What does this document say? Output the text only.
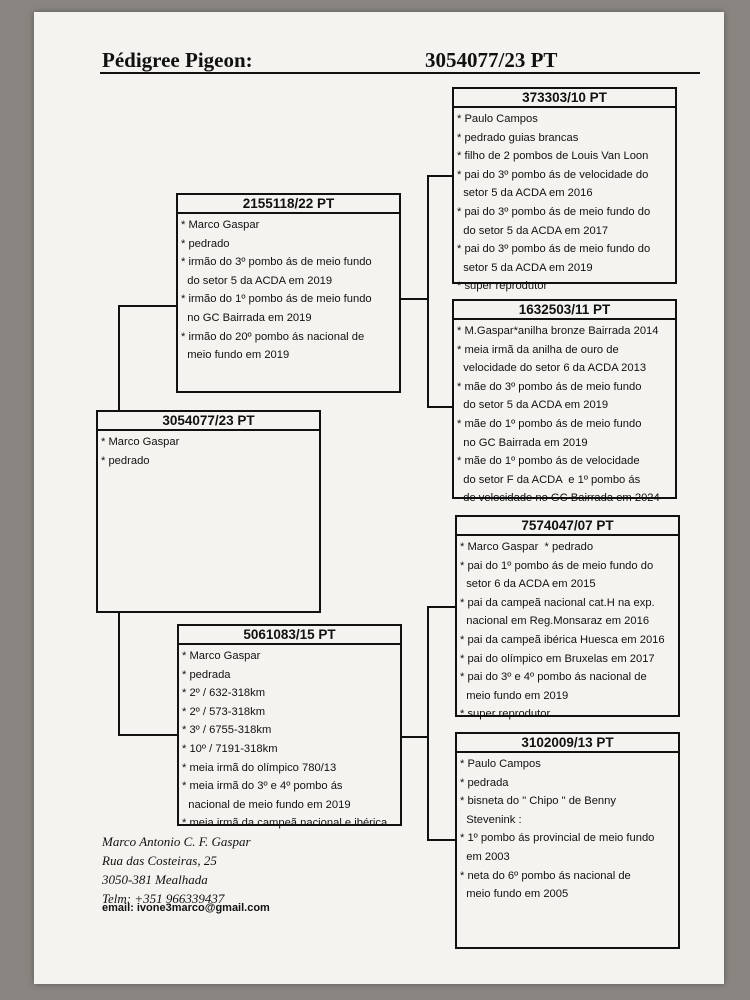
Pédigree Pigeon:	3054077/23 PT
3054077/23 PT
* Marco Gaspar
* pedrado
2155118/22 PT
* Marco Gaspar
* pedrado
* irmão do 3º pombo ás de meio fundo
do setor 5 da ACDA em 2019
* irmão do 1º pombo ás de meio fundo
no GC Bairrada em 2019
* irmão do 20º pombo ás nacional de
meio fundo em 2019
5061083/15 PT
* Marco Gaspar
* pedrada
* 2º / 632-318km
* 2º / 573-318km
* 3º / 6755-318km
* 10º / 7191-318km
* meia irmã do olímpico 780/13
* meia irmã do 3º e 4º pombo ás
nacional de meio fundo em 2019
* meia irmã da campeã nacional e ibérica
373303/10 PT
* Paulo Campos
* pedrado guias brancas
* filho de 2 pombos de Louis Van Loon
* pai do 3º pombo ás de velocidade do
setor 5 da ACDA em 2016
* pai do 3º pombo ás de meio fundo do
do setor 5 da ACDA em 2017
* pai do 3º pombo ás de meio fundo do
setor 5 da ACDA em 2019
* super reprodutor
1632503/11 PT
* M.Gaspar*anilha bronze Bairrada 2014
* meia irmã da anilha de ouro de
velocidade do setor 6 da ACDA 2013
* mãe do 3º pombo ás de meio fundo
do setor 5 da ACDA em 2019
* mãe do 1º pombo ás de meio fundo
no GC Bairrada em 2019
* mãe do 1º pombo ás de velocidade
do setor F da ACDA  e 1º pombo ás
de velocidade no GC Bairrada em 2024
7574047/07 PT
* Marco Gaspar  * pedrado
* pai do 1º pombo ás de meio fundo do
setor 6 da ACDA em 2015
* pai da campeã nacional cat.H na exp.
nacional em Reg.Monsaraz em 2016
* pai da campeã ibérica Huesca em 2016
* pai do olímpico em Bruxelas em 2017
* pai do 3º e 4º pombo ás nacional de
meio fundo em 2019
* super reprodutor
3102009/13 PT
* Paulo Campos
* pedrada
* bisneta do " Chipo " de Benny
Stevenink :
* 1º pombo ás provincial de meio fundo
em 2003
* neta do 6º pombo ás nacional de
meio fundo em 2005
Marco Antonio C. F. Gaspar
Rua das Costeiras, 25
3050-381 Mealhada
Telm: +351 966339437
email: ivone3marco@gmail.com
